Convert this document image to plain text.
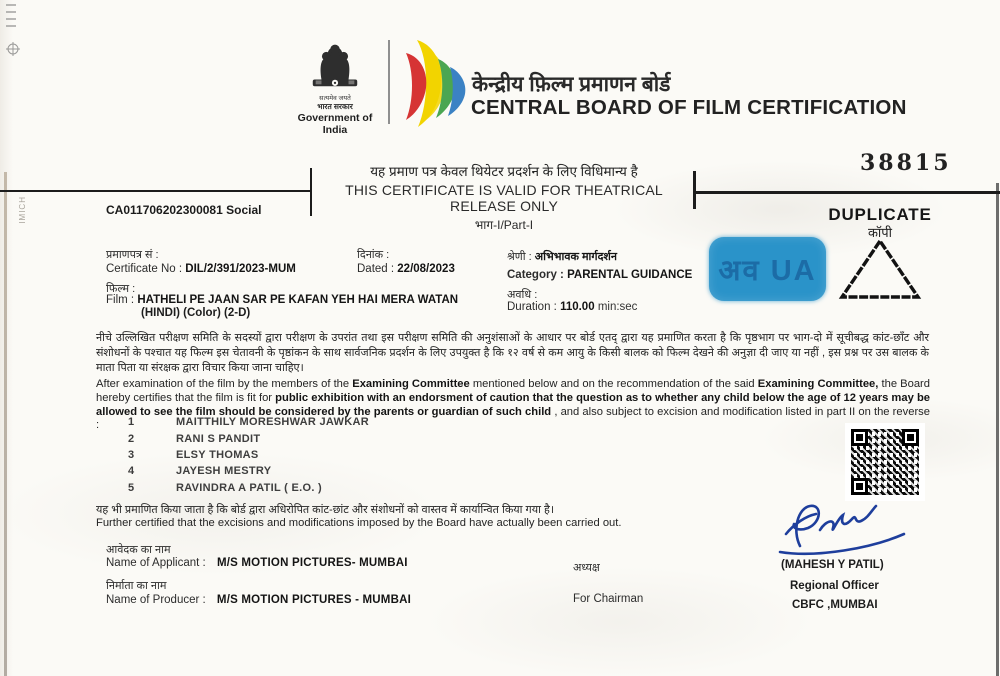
IMICH
सत्यमेव जयते
भारत सरकार
Government of India
केन्द्रीय फ़िल्म प्रमाणन बोर्ड
CENTRAL BOARD OF FILM CERTIFICATION
38815
यह प्रमाण पत्र केवल थियेटर प्रदर्शन के लिए विधिमान्य है
THIS CERTIFICATE IS VALID FOR THEATRICAL RELEASE ONLY
भाग-I/Part-I
CA011706202300081 Social	DUPLICATE
कॉपी
अव UA
प्रमाणपत्र सं :
Certificate No : DIL/2/391/2023-MUM
दिनांक :
Dated : 22/08/2023
श्रेणी : अभिभावक मार्गदर्शन
Category : PARENTAL GUIDANCE
फिल्म :
Film : HATHELI PE JAAN SAR PE KAFAN YEH HAI MERA WATAN
(HINDI) (Color) (2-D)
अवधि :
Duration : 110.00 min:sec
नीचे उल्लिखित परीक्षण समिति के सदस्यों द्वारा परीक्षण के उपरांत तथा इस परीक्षण समिति की अनुशंसाओं के आधार पर बोर्ड एतद् द्वारा यह प्रमाणित करता है कि पृष्ठभाग पर भाग-दो में सूचीबद्ध कांट-छाँट और संशोधनों के पश्चात यह फिल्म इस चेतावनी के पृष्ठांकन के साथ सार्वजनिक प्रदर्शन के लिए उपयुक्त है कि १२ वर्ष से कम आयु के किसी बालक को फिल्म देखने की अनुज्ञा दी जाए या नहीं , इस प्रश्न पर उस बालक के माता पिता या संरक्षक द्वारा विचार किया जाना चाहिए।
After examination of the film by the members of the Examining Committee mentioned below and on the recommendation of the said Examining Committee, the Board hereby certifies that the film is fit for public exhibition with an endorsment of caution that the question as to whether any child below the age of 12 years may be allowed to see the film should be considered by the parents or guardian of such child , and also subject to excision and modification listed in part II on the reverse :	1	MAITTHILY MORESHWAR JAWKAR
2	RANI S PANDIT
3	ELSY THOMAS
4	JAYESH MESTRY
5	RAVINDRA A PATIL ( E.O. )
यह भी प्रमाणित किया जाता है कि बोर्ड द्वारा अधिरोपित कांट-छांट और संशोधनों को वास्तव में कार्यान्वित किया गया है।
Further certified that the excisions and modifications imposed by the Board have actually been carried out.
आवेदक का नाम
Name of Applicant : M/S MOTION PICTURES- MUMBAI
निर्माता का नाम
Name of Producer : M/S MOTION PICTURES - MUMBAI
अध्यक्ष
For Chairman
(MAHESH Y PATIL)
Regional Officer
CBFC ,MUMBAI
